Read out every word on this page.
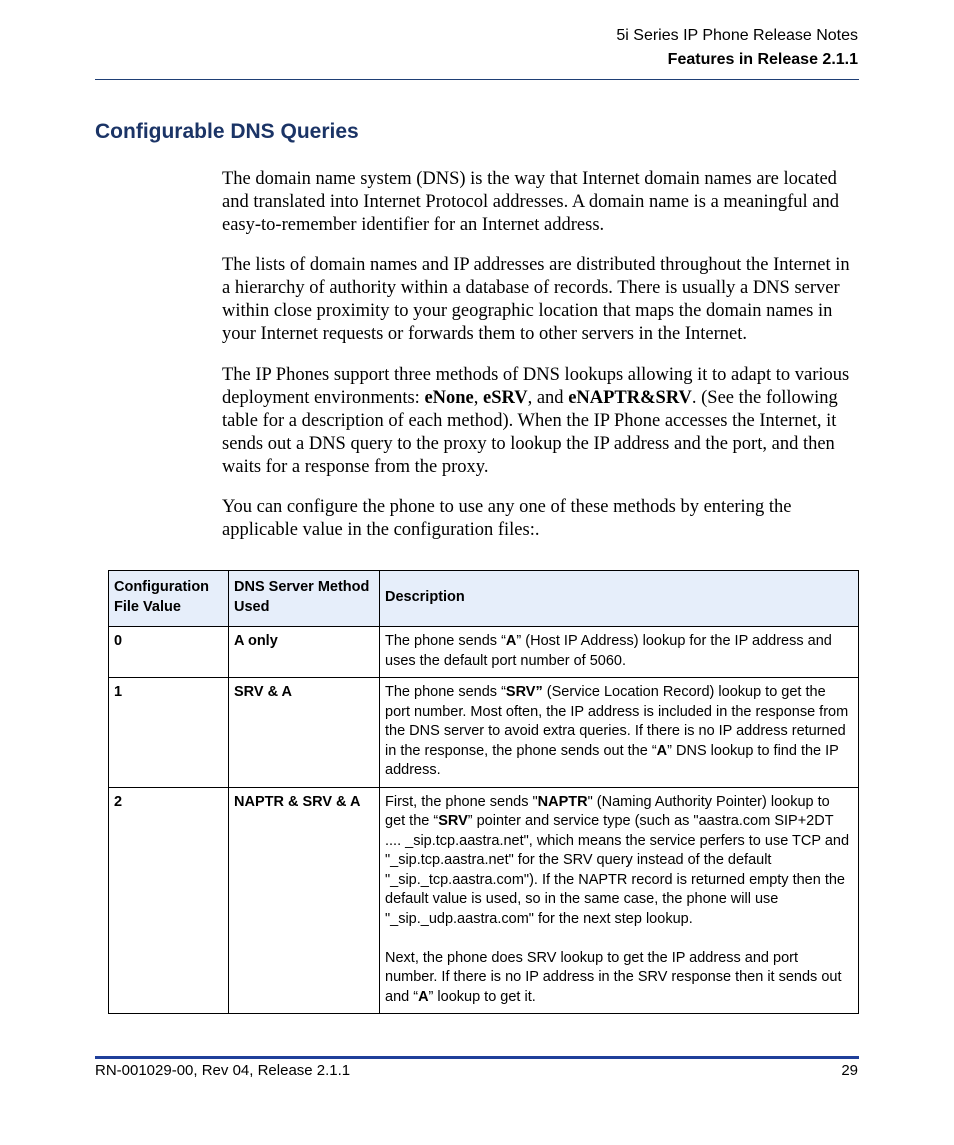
5i Series IP Phone Release Notes
Features in Release 2.1.1
Configurable DNS Queries

The domain name system (DNS) is the way that Internet domain names are located and translated into Internet Protocol addresses. A domain name is a meaningful and easy-to-remember identifier for an Internet address.

The lists of domain names and IP addresses are distributed throughout the Internet in a hierarchy of authority within a database of records. There is usually a DNS server within close proximity to your geographic location that maps the domain names in your Internet requests or forwards them to other servers in the Internet.

The IP Phones support three methods of DNS lookups allowing it to adapt to various deployment environments: eNone, eSRV, and eNAPTR&SRV. (See the following table for a description of each method). When the IP Phone accesses the Internet, it sends out a DNS query to the proxy to lookup the IP address and the port, and then waits for a response from the proxy.

You can configure the phone to use any one of these methods by entering the applicable value in the configuration files:.

Configuration File Value	DNS Server Method Used	Description
0	A only	The phone sends “A” (Host IP Address) lookup for the IP address and uses the default port number of 5060.
1	SRV & A	The phone sends “SRV” (Service Location Record) lookup to get the port number. Most often, the IP address is included in the response from the DNS server to avoid extra queries. If there is no IP address returned in the response, the phone sends out the “A” DNS lookup to find the IP address.
2	NAPTR & SRV & A	First, the phone sends "NAPTR" (Naming Authority Pointer) lookup to get the “SRV” pointer and service type (such as "aastra.com SIP+2DT .... _sip.tcp.aastra.net", which means the service perfers to use TCP and "_sip.tcp.aastra.net" for the SRV query instead of the default "_sip._tcp.aastra.com"). If the NAPTR record is returned empty then the default value is used, so in the same case, the phone will use "_sip._udp.aastra.com" for the next step lookup.
Next, the phone does SRV lookup to get the IP address and port number. If there is no IP address in the SRV response then it sends out and “A” lookup to get it.
RN-001029-00, Rev 04, Release 2.1.1	29
